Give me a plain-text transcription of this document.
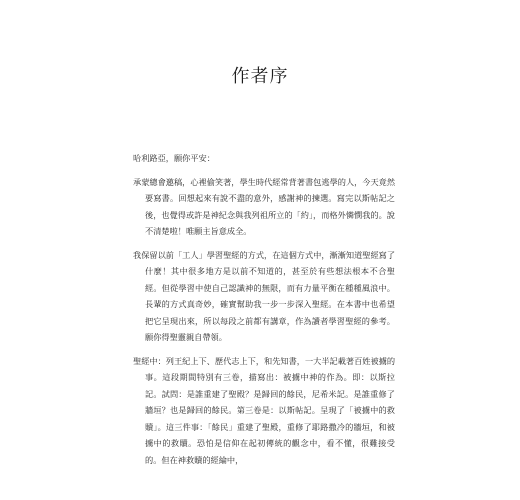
作者序

哈利路亞，願你平安：

承蒙總會邀稿，心裡偷笑著，學生時代經常背著書包逃學的人，今天竟然要寫書。回想起來有說不盡的意外，感謝神的揀選。寫完以斯帖記之後，也覺得或許是神紀念與我列祖所立的「約」，而格外憐憫我的。說不清楚啦！唯願主旨意成全。

我保留以前「工人」學習聖經的方式，在這個方式中，漸漸知道聖經寫了什麼！其中很多地方是以前不知道的，甚至於有些想法根本不合聖經。但從學習中使自己認識神的無限，而有力量平衡在種種風浪中。長輩的方式真奇妙，確實幫助我一步一步深入聖經。在本書中也希望把它呈現出來，所以每段之前都有講章，作為讀者學習聖經的參考。願你得聖靈親自帶領。

聖經中：列王紀上下、歷代志上下，和先知書，一大半記載著百姓被擄的事。這段期間特別有三卷，描寫出：被擄中神的作為。即：以斯拉記。試問：是誰重建了聖殿？是歸回的餘民，尼希米記。是誰重修了牆垣？也是歸回的餘民。第三卷是：以斯帖記。呈現了「被擄中的救贖」。這三件事：「餘民」重建了聖殿，重修了耶路撒冷的牆垣，和被擄中的救贖。恐怕是信仰在起初傳統的觀念中，看不懂，很難接受的。但在神救贖的經綸中，
